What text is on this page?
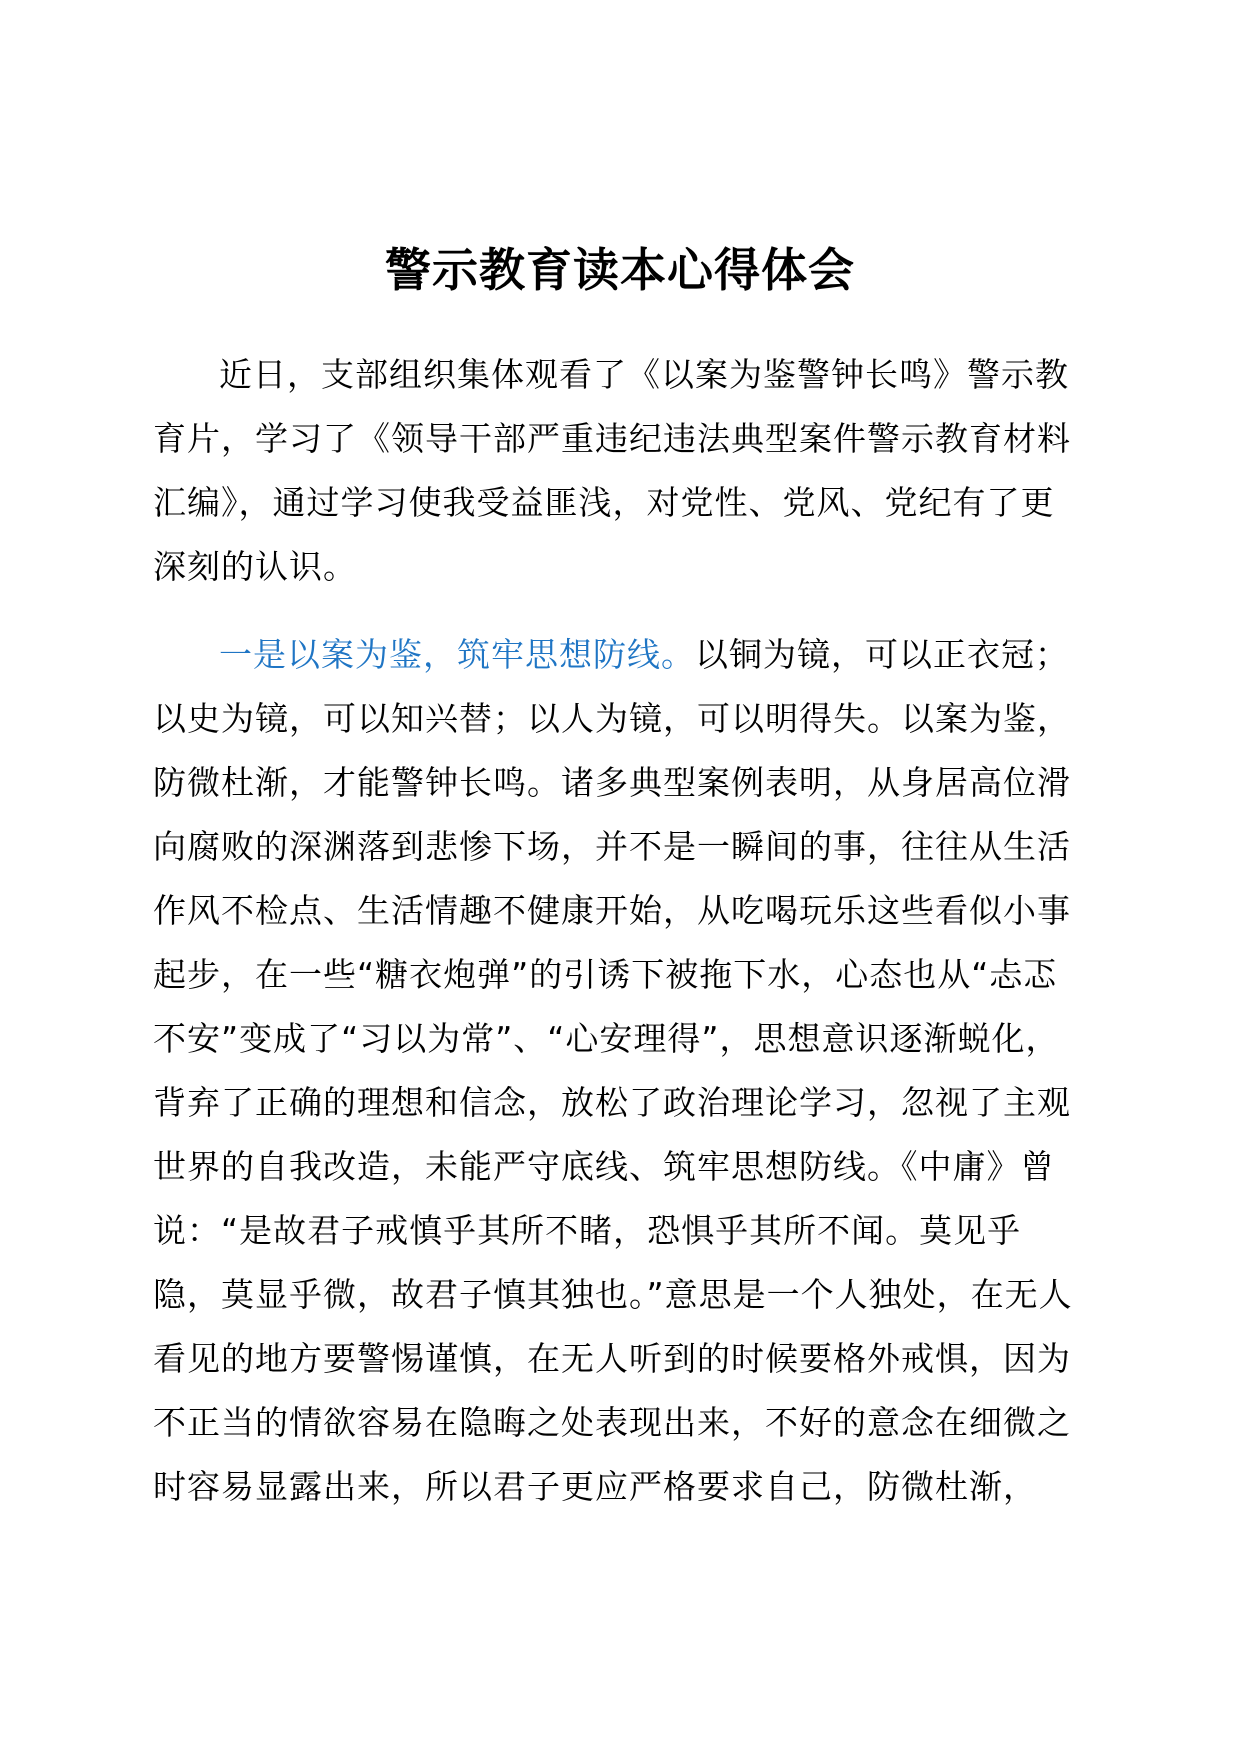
警示教育读本心得体会

近日，支部组织集体观看了《以案为鉴警钟长鸣》警示教育片，学习了《领导干部严重违纪违法典型案件警示教育材料汇编》，通过学习使我受益匪浅，对党性、党风、党纪有了更深刻的认识。

一是以案为鉴，筑牢思想防线。以铜为镜，可以正衣冠；以史为镜，可以知兴替；以人为镜，可以明得失。以案为鉴，防微杜渐，才能警钟长鸣。诸多典型案例表明，从身居高位滑向腐败的深渊落到悲惨下场，并不是一瞬间的事，往往从生活作风不检点、生活情趣不健康开始，从吃喝玩乐这些看似小事起步，在一些“糖衣炮弹”的引诱下被拖下水，心态也从“忐忑不安”变成了“习以为常”、“心安理得”，思想意识逐渐蜕化，背弃了正确的理想和信念，放松了政治理论学习，忽视了主观世界的自我改造，未能严守底线、筑牢思想防线。《中庸》曾说：“是故君子戒慎乎其所不睹，恐惧乎其所不闻。莫见乎隐，莫显乎微，故君子慎其独也。”意思是一个人独处，在无人看见的地方要警惕谨慎，在无人听到的时候要格外戒惧，因为不正当的情欲容易在隐晦之处表现出来，不好的意念在细微之时容易显露出来，所以君子更应严格要求自己，防微杜渐，
